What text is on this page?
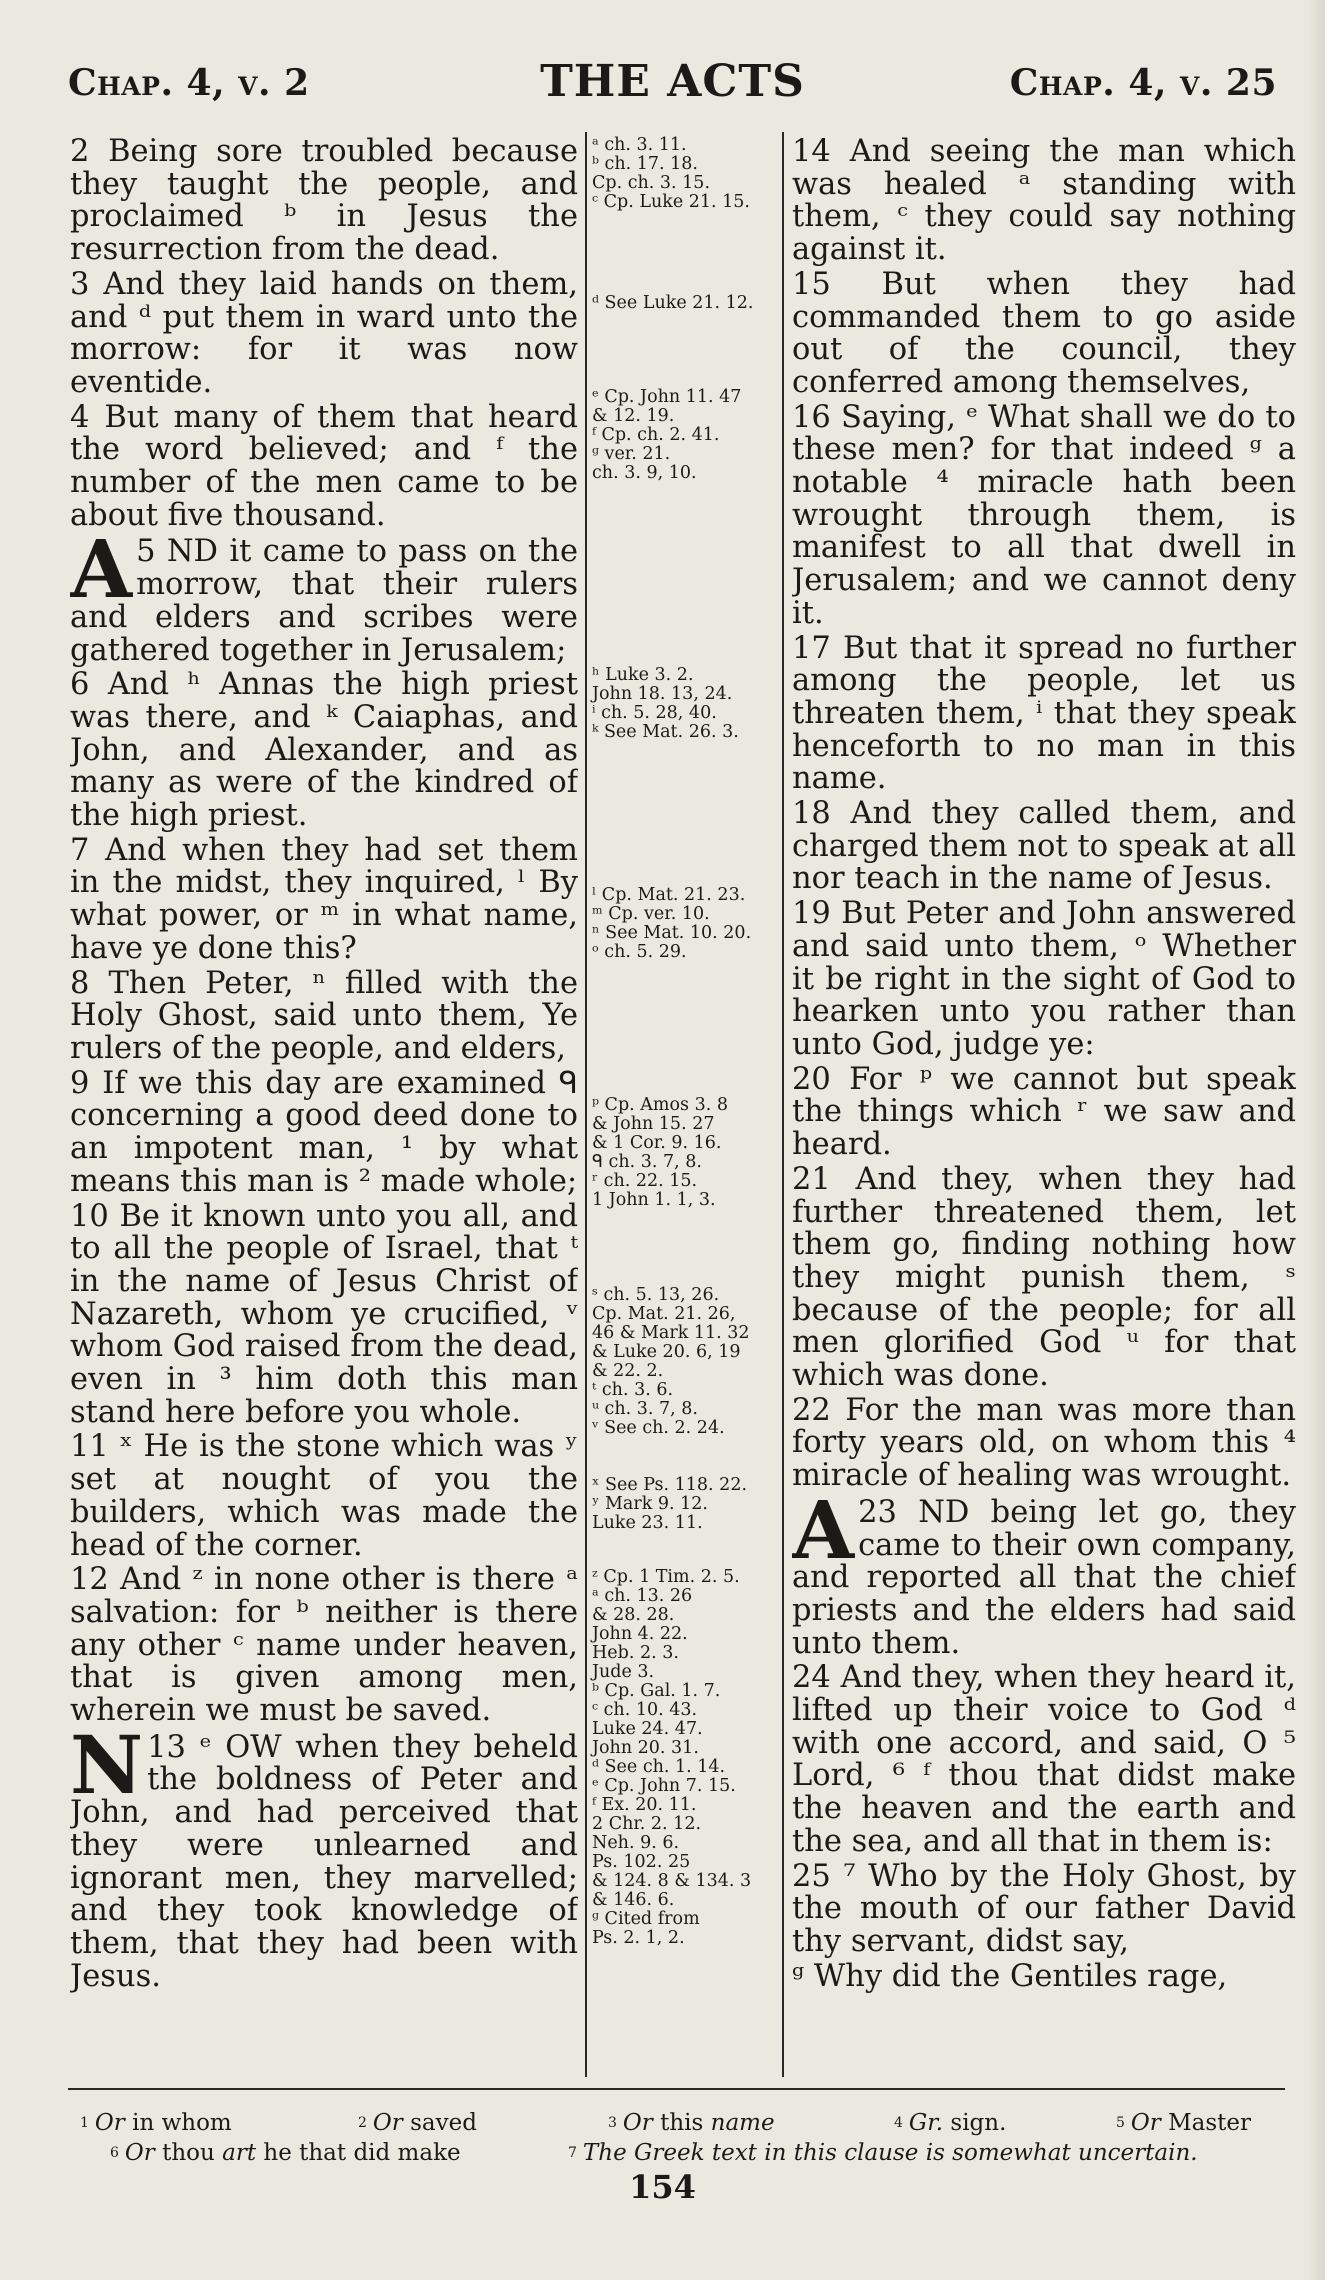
Chap. 4, v. 2	THE ACTS	Chap. 4, v. 25
2 Being sore troubled because they taught the people, and proclaimed ᵇ in Jesus the resurrection from the dead.
3 And they laid hands on them, and ᵈ put them in ward unto the morrow: for it was now eventide.
4 But many of them that heard the word believed; and ᶠ the number of the men came to be about five thousand.
5
A ND it came to pass on the morrow, that their rulers and elders and scribes were gathered together in Jerusalem;
6 And ʰ Annas the high priest was there, and ᵏ Caiaphas, and John, and Alexander, and as many as were of the kindred of the high priest.
7 And when they had set them in the midst, they inquired, ˡ By what power, or ᵐ in what name, have ye done this?
8 Then Peter, ⁿ filled with the Holy Ghost, said unto them, Ye rulers of the people, and elders,
9 If we this day are examined ᑫ concerning a good deed done to an impotent man, ¹ by what means this man is ² made whole;
10 Be it known unto you all, and to all the people of Israel, that ᵗ in the name of Jesus Christ of Nazareth, whom ye crucified, ᵛ whom God raised from the dead, even in ³ him doth this man stand here before you whole.
11 ˣ He is the stone which was ʸ set at nought of you the builders, which was made the head of the corner.
12 And ᶻ in none other is there ᵃ salvation: for ᵇ neither is there any other ᶜ name under heaven, that is given among men, wherein we must be saved.
13 ᵉ
N	OW when they beheld the boldness of Peter and John, and had perceived that they were unlearned and ignorant men, they marvelled; and they took knowledge of them, that they had been with Jesus.
ᵃ ch. 3. 11.
ᵇ ch. 17. 18.
Cp. ch. 3. 15.
ᶜ Cp. Luke 21. 15.
ᵈ See Luke 21. 12.
ᵉ Cp. John 11. 47
& 12. 19.
ᶠ Cp. ch. 2. 41.
ᵍ ver. 21.
ch. 3. 9, 10.
ʰ Luke 3. 2.
John 18. 13, 24.
ⁱ ch. 5. 28, 40.
ᵏ See Mat. 26. 3.
ˡ Cp. Mat. 21. 23.
ᵐ Cp. ver. 10.
ⁿ See Mat. 10. 20.
ᵒ ch. 5. 29.
ᵖ Cp. Amos 3. 8
& John 15. 27
& 1 Cor. 9. 16.
ᑫ ch. 3. 7, 8.
ʳ ch. 22. 15.
1 John 1. 1, 3.
ˢ ch. 5. 13, 26.
Cp. Mat. 21. 26,
46 & Mark 11. 32
& Luke 20. 6, 19
& 22. 2.
ᵗ ch. 3. 6.
ᵘ ch. 3. 7, 8.
ᵛ See ch. 2. 24.
ˣ See Ps. 118. 22.
ʸ Mark 9. 12.
Luke 23. 11.
ᶻ Cp. 1 Tim. 2. 5.
ᵃ ch. 13. 26
& 28. 28.
John 4. 22.
Heb. 2. 3.
Jude 3.
ᵇ Cp. Gal. 1. 7.
ᶜ ch. 10. 43.
Luke 24. 47.
John 20. 31.
ᵈ See ch. 1. 14.
ᵉ Cp. John 7. 15.
ᶠ Ex. 20. 11.
2 Chr. 2. 12.
Neh. 9. 6.
Ps. 102. 25
& 124. 8 & 134. 3
& 146. 6.
ᵍ Cited from
Ps. 2. 1, 2.
14 And seeing the man which was healed ᵃ standing with them, ᶜ they could say nothing against it.
15 But when they had commanded them to go aside out of the council, they conferred among themselves,
16 Saying, ᵉ What shall we do to these men? for that indeed ᵍ a notable ⁴ miracle hath been wrought through them, is manifest to all that dwell in Jerusalem; and we cannot deny it.
17 But that it spread no further among the people, let us threaten them, ⁱ that they speak henceforth to no man in this name.
18 And they called them, and charged them not to speak at all nor teach in the name of Jesus.
19 But Peter and John answered and said unto them, ᵒ Whether it be right in the sight of God to hearken unto you rather than unto God, judge ye:
20 For ᵖ we cannot but speak the things which ʳ we saw and heard.
21 And they, when they had further threatened them, let them go, finding nothing how they might punish them, ˢ because of the people; for all men glorified God ᵘ for that which was done.
22 For the man was more than forty years old, on whom this ⁴ miracle of healing was wrought.
23
A ND being let go, they came to their own company, and reported all that the chief priests and the elders had said unto them.
24 And they, when they heard it, lifted up their voice to God ᵈ with one accord, and said, O ⁵ Lord, ⁶ ᶠ thou that didst make the heaven and the earth and the sea, and all that in them is:
25 ⁷ Who by the Holy Ghost, by the mouth of our father David thy servant, didst say,
ᵍ Why did the Gentiles rage,
$^1$ Or in whom	$^2$ Or saved	$^3$ Or this name	$^4$ Gr. sign.	$^5$ Or Master
$^6$ Or thou art he that did make	$^7$ The Greek text in this clause is somewhat uncertain.
154
